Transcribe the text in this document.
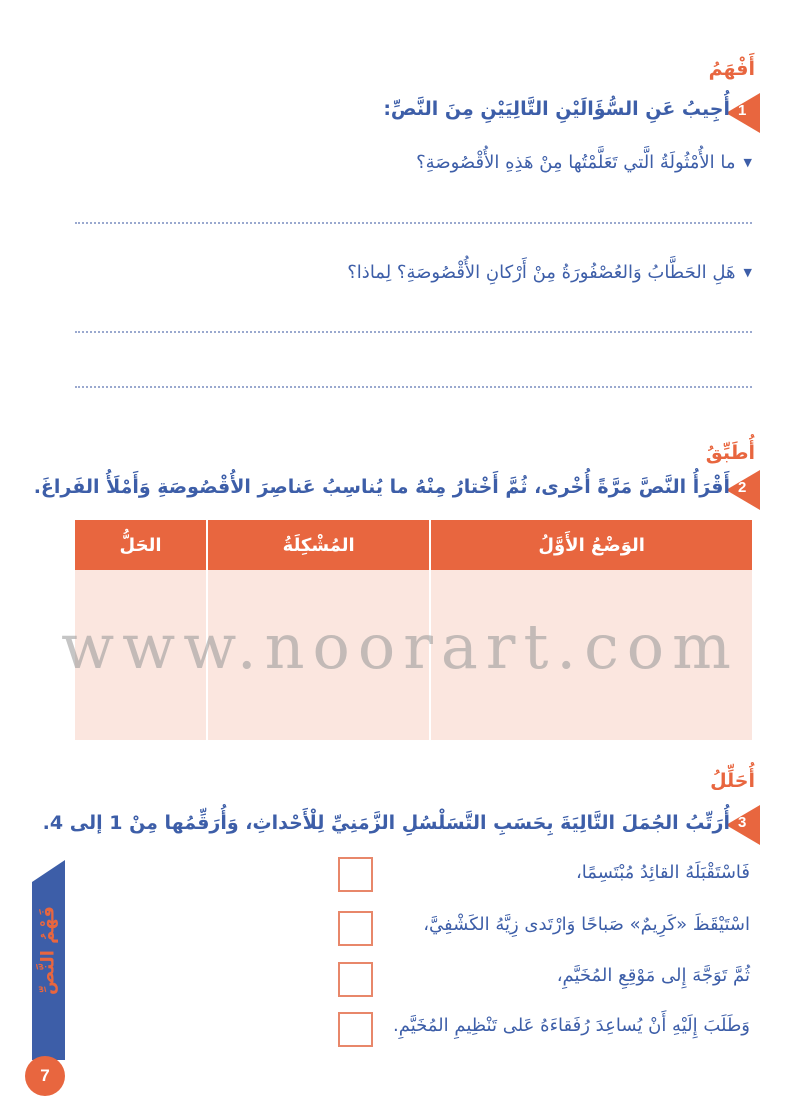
أَفْهَمُ
1
أُجِيبُ عَنِ السُّؤَالَيْنِ التَّالِيَيْنِ مِنَ النَّصِّ:
▼ما الأُمْثُولَةُ الَّتي تَعَلَّمْتُها مِنْ هَذِهِ الأُقْصُوصَةِ؟
▼هَلِ الحَطَّابُ وَالعُصْفُورَةُ مِنْ أَرْكانِ الأُقْصُوصَةِ؟ لِماذا؟
أُطَبِّقُ
2
أَقْرَأُ النَّصَّ مَرَّةً أُخْرى، ثُمَّ أَخْتارُ مِنْهُ ما يُناسِبُ عَناصِرَ الأُقْصُوصَةِ وَأَمْلَأُ الفَراغَ.
الوَضْعُ الأَوَّلُ	المُشْكِلَةُ	الحَلُّ

www.noorart.com
أُحَلِّلُ
3
أُرَتِّبُ الجُمَلَ التَّالِيَةَ بِحَسَبِ التَّسَلْسُلِ الزَّمَنِيِّ لِلْأَحْداثِ، وَأُرَقِّمُها مِنْ 1 إلى 4.
فَاسْتَقْبَلَهُ القائِدُ مُبْتَسِمًا،
اسْتَيْقَظَ «كَرِيمٌ» صَباحًا وَارْتَدى زِيَّهُ الكَشْفِيَّ،
ثُمَّ تَوَجَّهَ إِلى مَوْقِعِ المُخَيَّمِ،
وَطَلَبَ إِلَيْهِ أَنْ يُساعِدَ رُفَقاءَهُ عَلى تَنْظِيمِ المُخَيَّمِ.
فَهْمُ النَّصِّ
7
